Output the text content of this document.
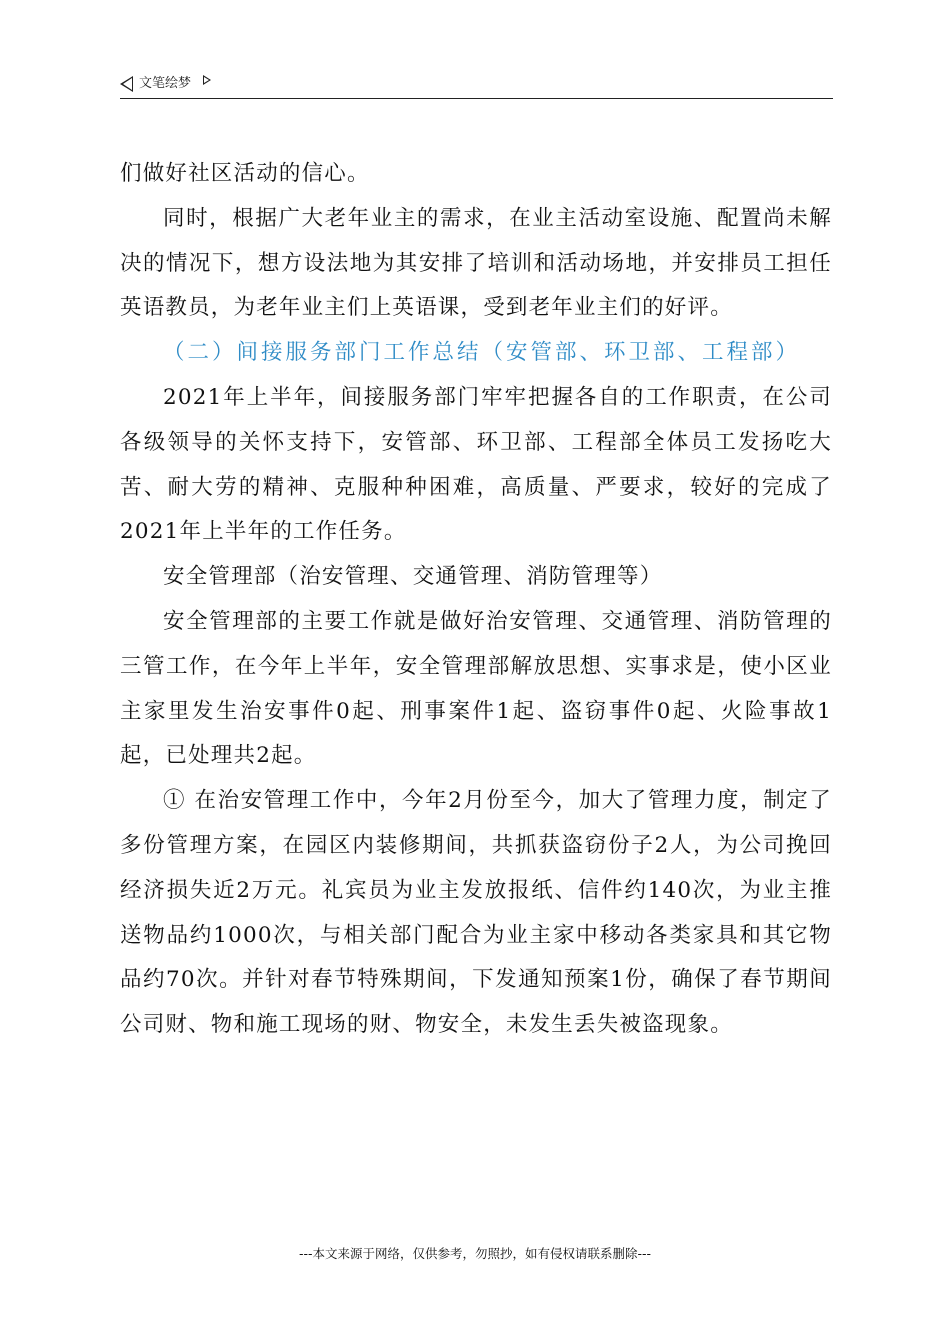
文笔绘梦

们做好社区活动的信心。

同时，根据广大老年业主的需求，在业主活动室设施、配置尚未解决的情况下，想方设法地为其安排了培训和活动场地，并安排员工担任英语教员，为老年业主们上英语课，受到老年业主们的好评。

（二）间接服务部门工作总结（安管部、环卫部、工程部）

2021年上半年，间接服务部门牢牢把握各自的工作职责，在公司各级领导的关怀支持下，安管部、环卫部、工程部全体员工发扬吃大苦、耐大劳的精神、克服种种困难，高质量、严要求，较好的完成了2021年上半年的工作任务。

安全管理部（治安管理、交通管理、消防管理等）

安全管理部的主要工作就是做好治安管理、交通管理、消防管理的三管工作，在今年上半年，安全管理部解放思想、实事求是，使小区业主家里发生治安事件0起、刑事案件1起、盗窃事件0起、火险事故1起，已处理共2起。

① 在治安管理工作中，今年2月份至今，加大了管理力度，制定了多份管理方案，在园区内装修期间，共抓获盗窃份子2人，为公司挽回经济损失近2万元。礼宾员为业主发放报纸、信件约140次，为业主推送物品约1000次，与相关部门配合为业主家中移动各类家具和其它物品约70次。并针对春节特殊期间，下发通知预案1份，确保了春节期间公司财、物和施工现场的财、物安全，未发生丢失被盗现象。

---本文来源于网络，仅供参考，勿照抄，如有侵权请联系删除---
